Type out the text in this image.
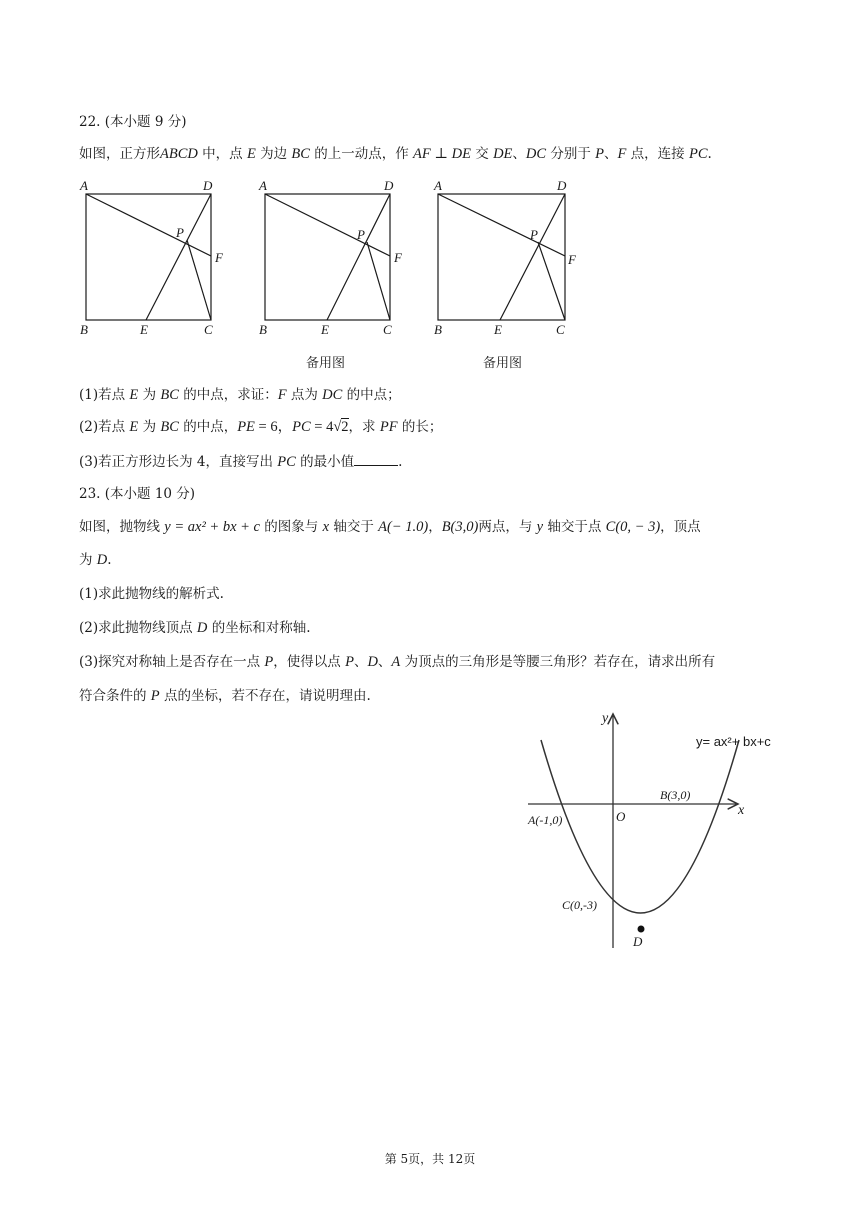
22. (本小题 9 分)
如图，正方形ABCD 中，点 E 为边 BC 的上一动点，作 AF ⊥ DE 交 DE、DC 分别于 P、F 点，连接 PC.
A	D
P
F
B	E	C
A	D
P
F
B	E	C
备用图
A	D
P
F
B	E	C
备用图
(1)若点 E 为 BC 的中点，求证：F 点为 DC 的中点；
(2)若点 E 为 BC 的中点，PE = 6，PC = 4√2，求 PF 的长；
(3)若正方形边长为 4，直接写出 PC 的最小值	.
23. (本小题 10 分)
如图，抛物线 y = ax² + bx + c 的图象与 x 轴交于 A(− 1.0)，B(3,0)两点，与 y 轴交于点 C(0, − 3)，顶点
为 D.
(1)求此抛物线的解析式.
(2)求此抛物线顶点 D 的坐标和对称轴.
(3)探究对称轴上是否存在一点 P，使得以点 P、D、A 为顶点的三角形是等腰三角形？若存在，请求出所有
符合条件的 P 点的坐标，若不存在，请说明理由.
y
x
O
A(-1,0)
B(3,0)
C(0,-3)
D
y= ax²+ bx+c
第 5页，共 12页
